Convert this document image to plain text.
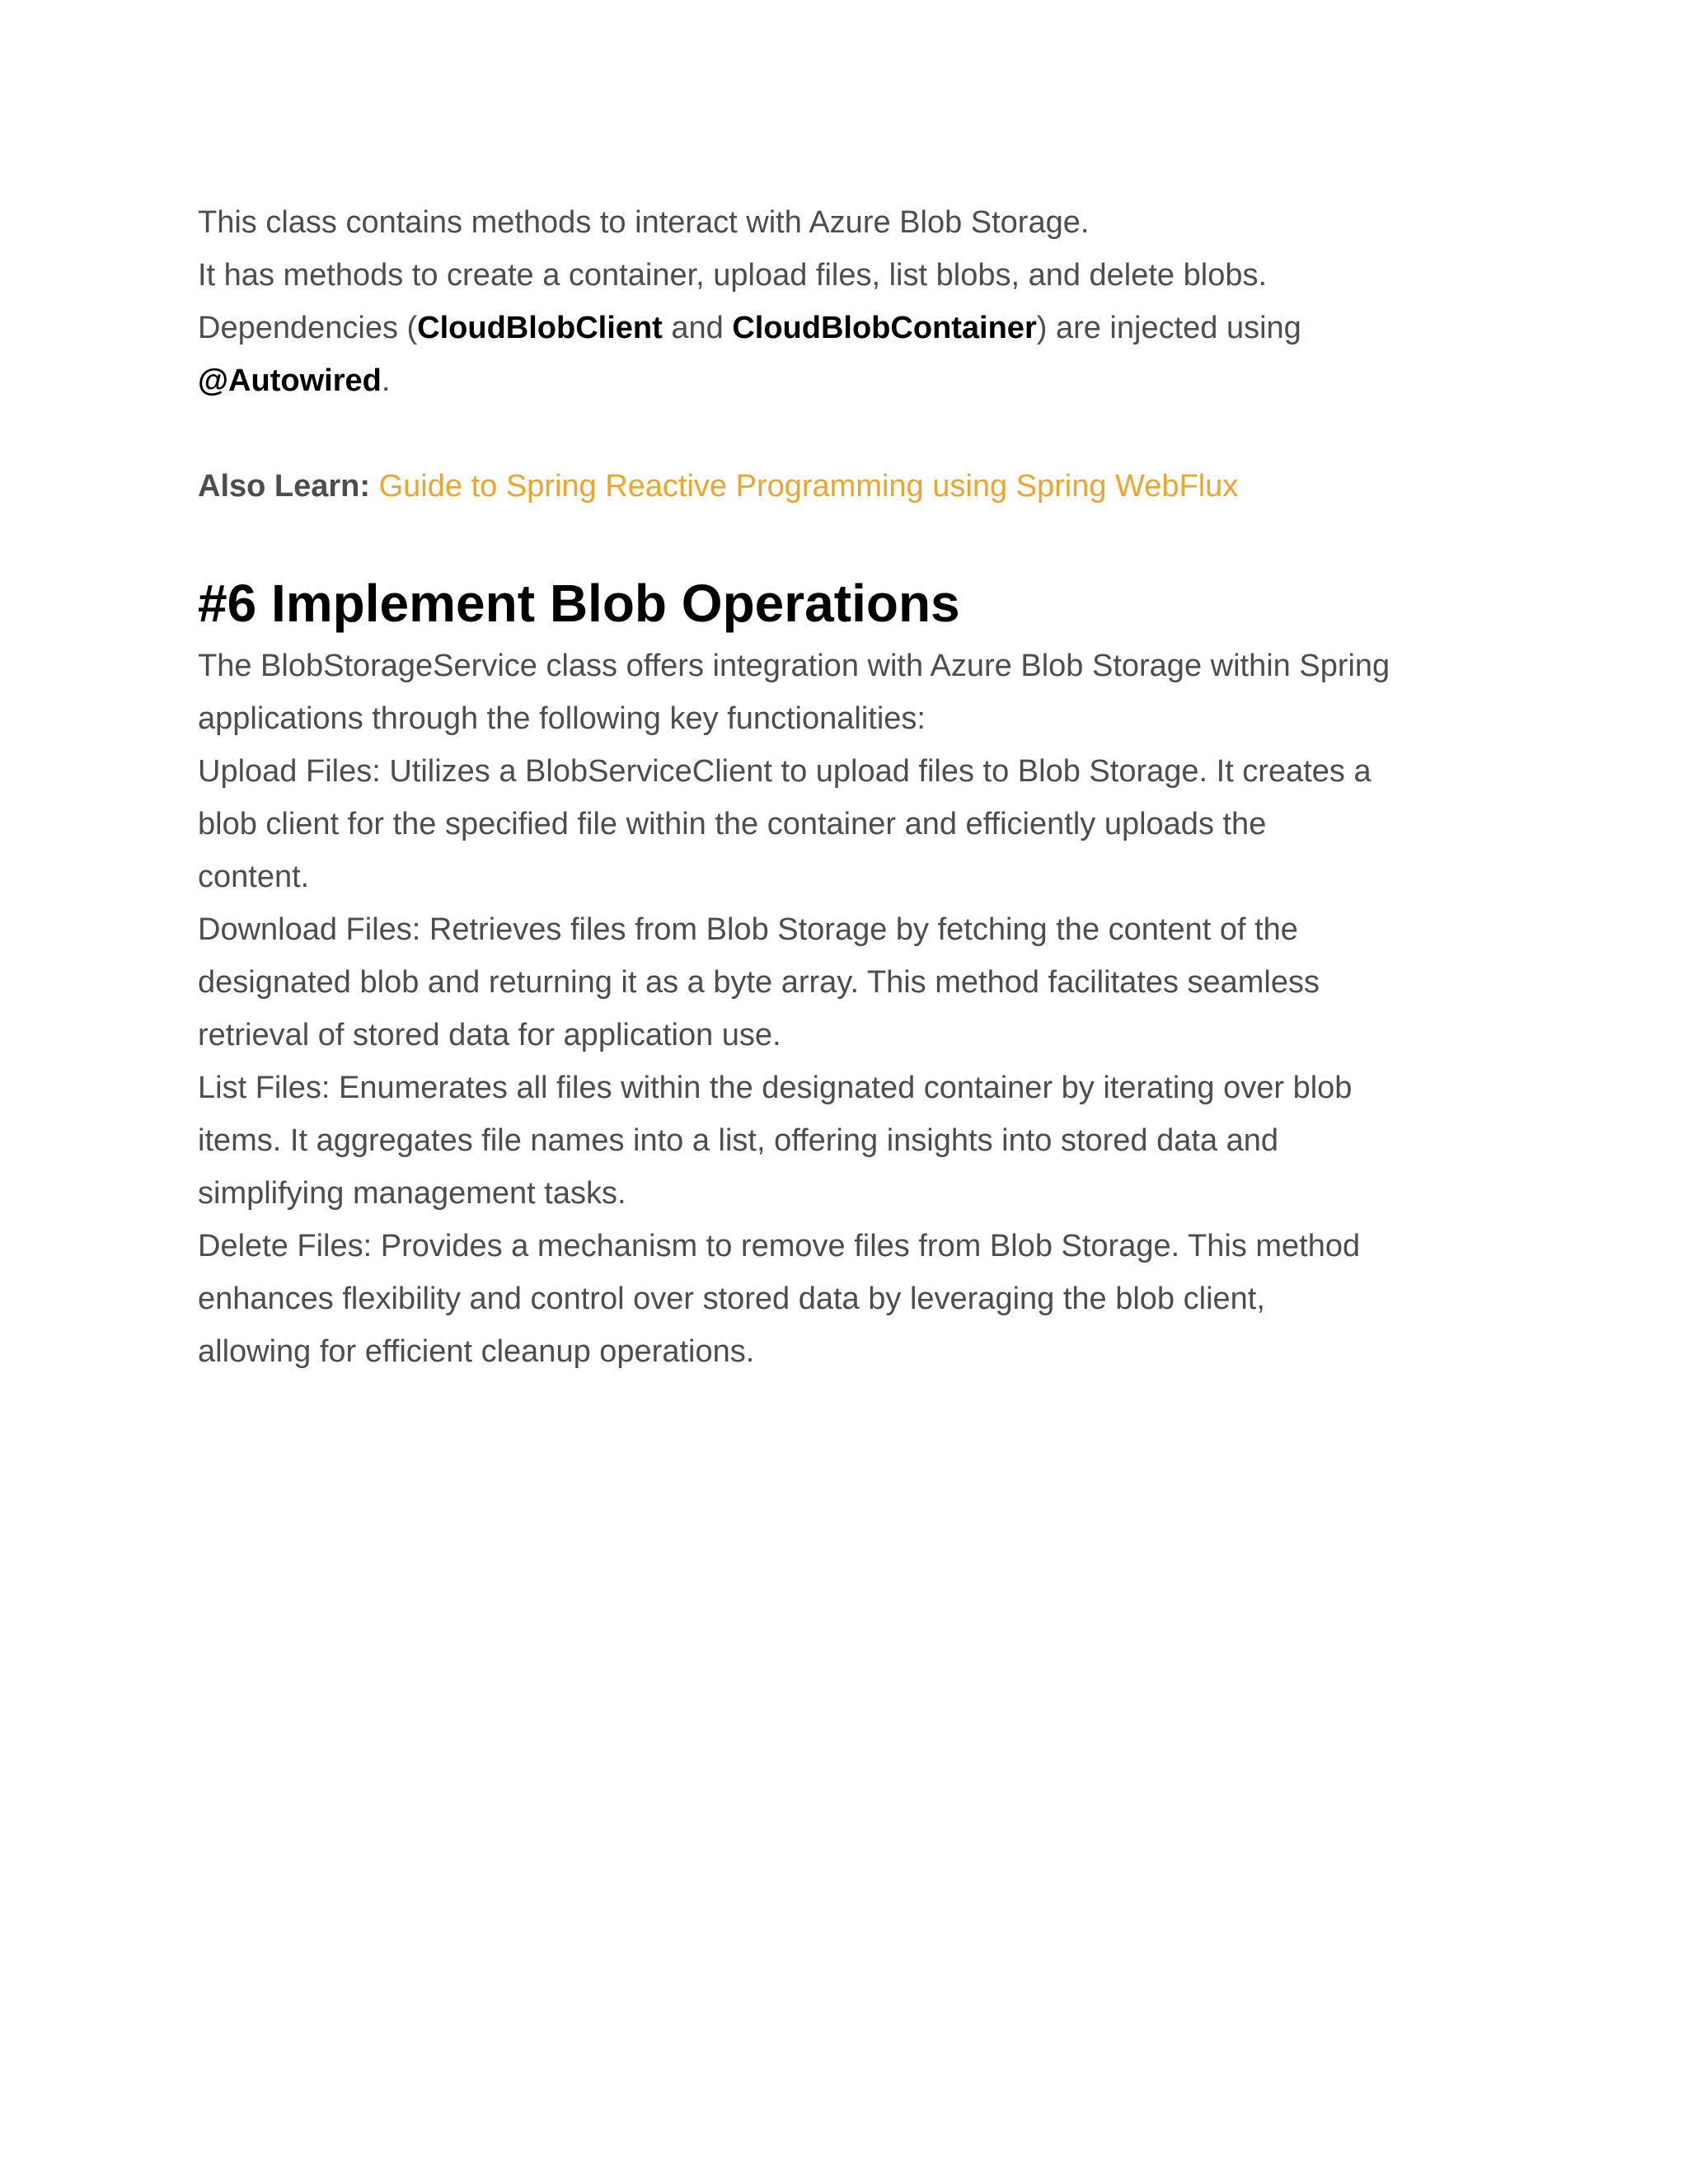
This class contains methods to interact with Azure Blob Storage.
It has methods to create a container, upload files, list blobs, and delete blobs.
Dependencies (CloudBlobClient and CloudBlobContainer) are injected using
@Autowired.
Also Learn: Guide to Spring Reactive Programming using Spring WebFlux
#6 Implement Blob Operations
The BlobStorageService class offers integration with Azure Blob Storage within Spring
applications through the following key functionalities:
Upload Files: Utilizes a BlobServiceClient to upload files to Blob Storage. It creates a
blob client for the specified file within the container and efficiently uploads the
content.
Download Files: Retrieves files from Blob Storage by fetching the content of the
designated blob and returning it as a byte array. This method facilitates seamless
retrieval of stored data for application use.
List Files: Enumerates all files within the designated container by iterating over blob
items. It aggregates file names into a list, offering insights into stored data and
simplifying management tasks.
Delete Files: Provides a mechanism to remove files from Blob Storage. This method
enhances flexibility and control over stored data by leveraging the blob client,
allowing for efficient cleanup operations.
